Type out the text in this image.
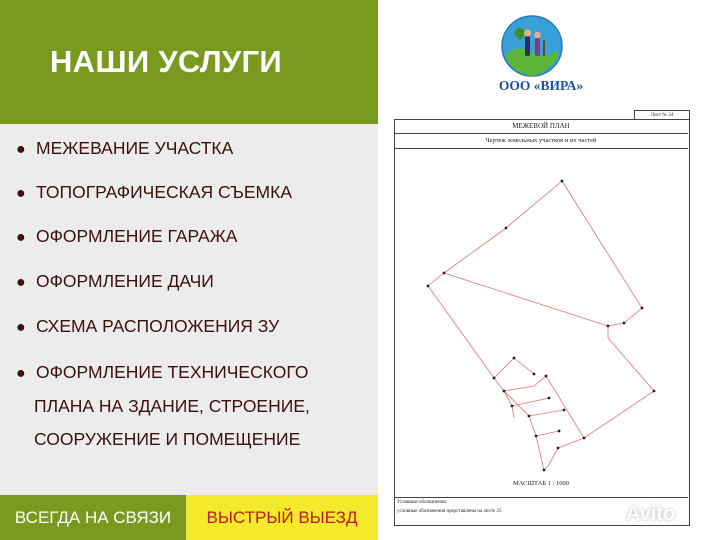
НАШИ УСЛУГИ
● МЕЖЕВАНИЕ УЧАСТКА
● ТОПОГРАФИЧЕСКАЯ СЪЕМКА
● ОФОРМЛЕНИЕ ГАРАЖА
● ОФОРМЛЕНИЕ ДАЧИ
● СХЕМА РАСПОЛОЖЕНИЯ ЗУ
● ОФОРМЛЕНИЕ ТЕХНИЧЕСКОГО
ПЛАНА НА ЗДАНИЕ, СТРОЕНИЕ,
СООРУЖЕНИЕ И ПОМЕЩЕНИЕ
ВСЕГДА НА СВЯЗИ	ВЫСТРЫЙ ВЫЕЗД
ООО «ВИРА»
Лист № 24
МЕЖЕВОЙ ПЛАН
Чертеж земельных участков и их частей
МАСШТАБ 1 : 1000
Условные обозначения:
условные обозначения представлены на листе 25	Avito
